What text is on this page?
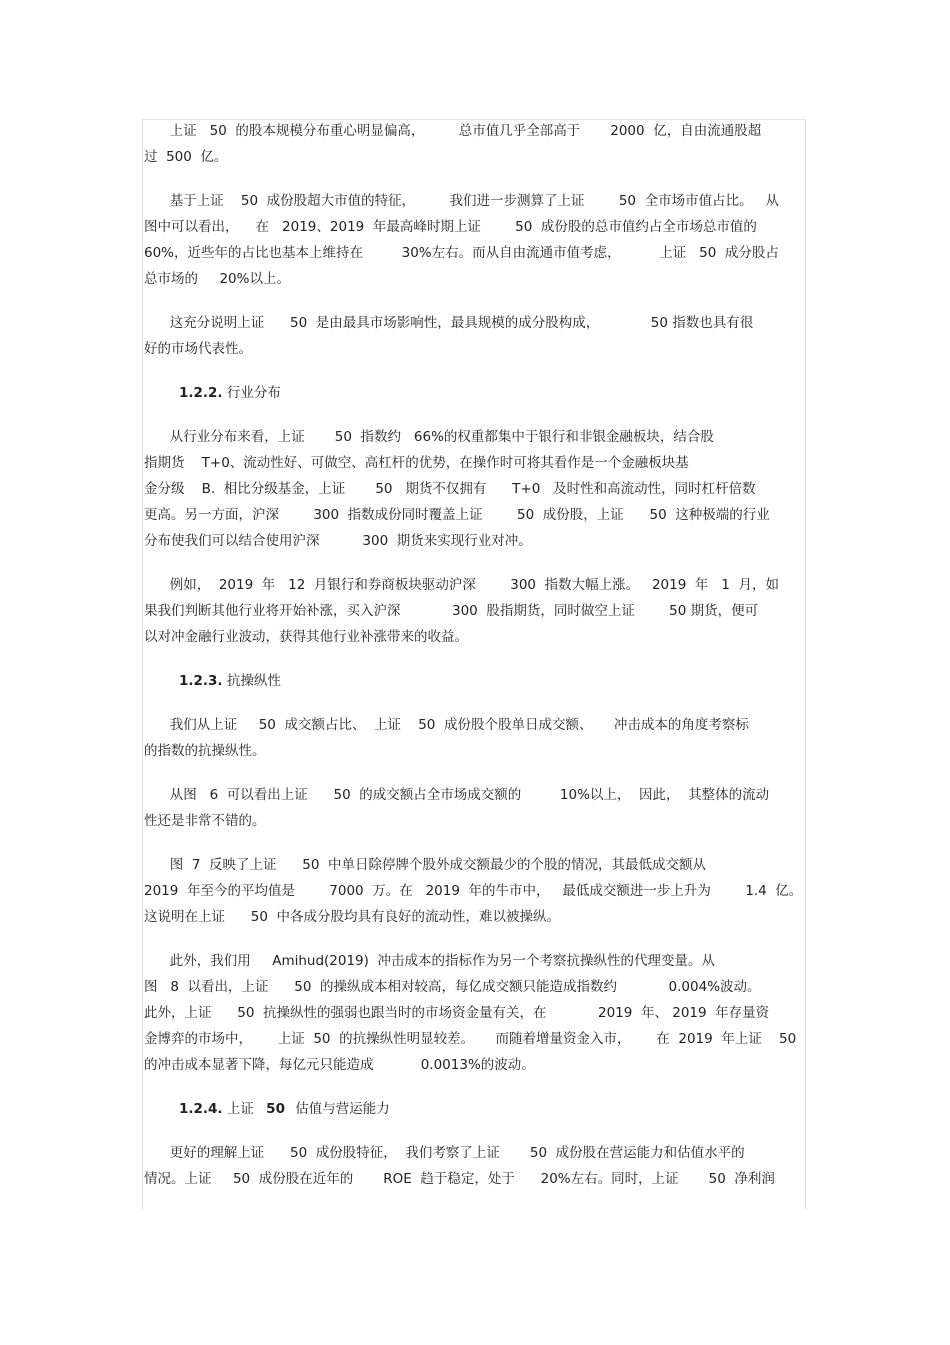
上证   50  的股本规模分布重心明显偏高，        总市值几乎全部高于       2000  亿，自由流通股超
过  500  亿。
基于上证    50  成份股超大市值的特征，        我们进一步测算了上证        50  全市场市值占比。   从
图中可以看出，    在   2019、2019  年最高峰时期上证        50  成份股的总市值约占全市场总市值的
60%，近些年的占比也基本上维持在         30%左右。而从自由流通市值考虑，         上证   50  成分股占
总市场的     20%以上。
这充分说明上证      50  是由最具市场影响性，最具规模的成分股构成，            50 指数也具有很
好的市场代表性。
1.2.2. 行业分布
从行业分布来看，上证       50  指数约   66%的权重都集中于银行和非银金融板块，结合股
指期货    T+0、流动性好、可做空、高杠杆的优势，在操作时可将其看作是一个金融板块基
金分级    B.  相比分级基金，上证       50   期货不仅拥有      T+0   及时性和高流动性，同时杠杆倍数
更高。另一方面，沪深        300  指数成份同时覆盖上证        50  成份股，上证      50  这种极端的行业
分布使我们可以结合使用沪深          300  期货来实现行业对冲。
例如，  2019  年   12  月银行和券商板块驱动沪深        300  指数大幅上涨。   2019  年   1  月，如
果我们判断其他行业将开始补涨，买入沪深            300  股指期货，同时做空上证        50 期货，便可
以对冲金融行业波动，获得其他行业补涨带来的收益。
1.2.3. 抗操纵性
我们从上证     50  成交额占比、  上证    50  成份股个股单日成交额、     冲击成本的角度考察标
的指数的抗操纵性。
从图   6  可以看出上证      50  的成交额占全市场成交额的         10%以上，  因此，  其整体的流动
性还是非常不错的。
图  7  反映了上证      50  中单日除停牌个股外成交额最少的个股的情况，其最低成交额从
2019  年至今的平均值是        7000  万。在   2019  年的牛市中，   最低成交额进一步上升为        1.4  亿。
这说明在上证      50  中各成分股均具有良好的流动性，难以被操纵。
此外，我们用     Amihud(2019)  冲击成本的指标作为另一个考察抗操纵性的代理变量。从
图   8  以看出，上证      50  的操纵成本相对较高，每亿成交额只能造成指数约            0.004%波动。
此外，上证      50  抗操纵性的强弱也跟当时的市场资金量有关，在            2019  年、 2019  年存量资
金博弈的市场中，      上证  50  的抗操纵性明显较差。     而随着增量资金入市，      在  2019  年上证    50
的冲击成本显著下降，每亿元只能造成           0.0013%的波动。
1.2.4. 上证 50 估值与营运能力
更好的理解上证      50  成份股特征，  我们考察了上证       50  成份股在营运能力和估值水平的
情况。上证     50  成份股在近年的       ROE  趋于稳定，处于      20%左右。同时，上证       50  净利润
